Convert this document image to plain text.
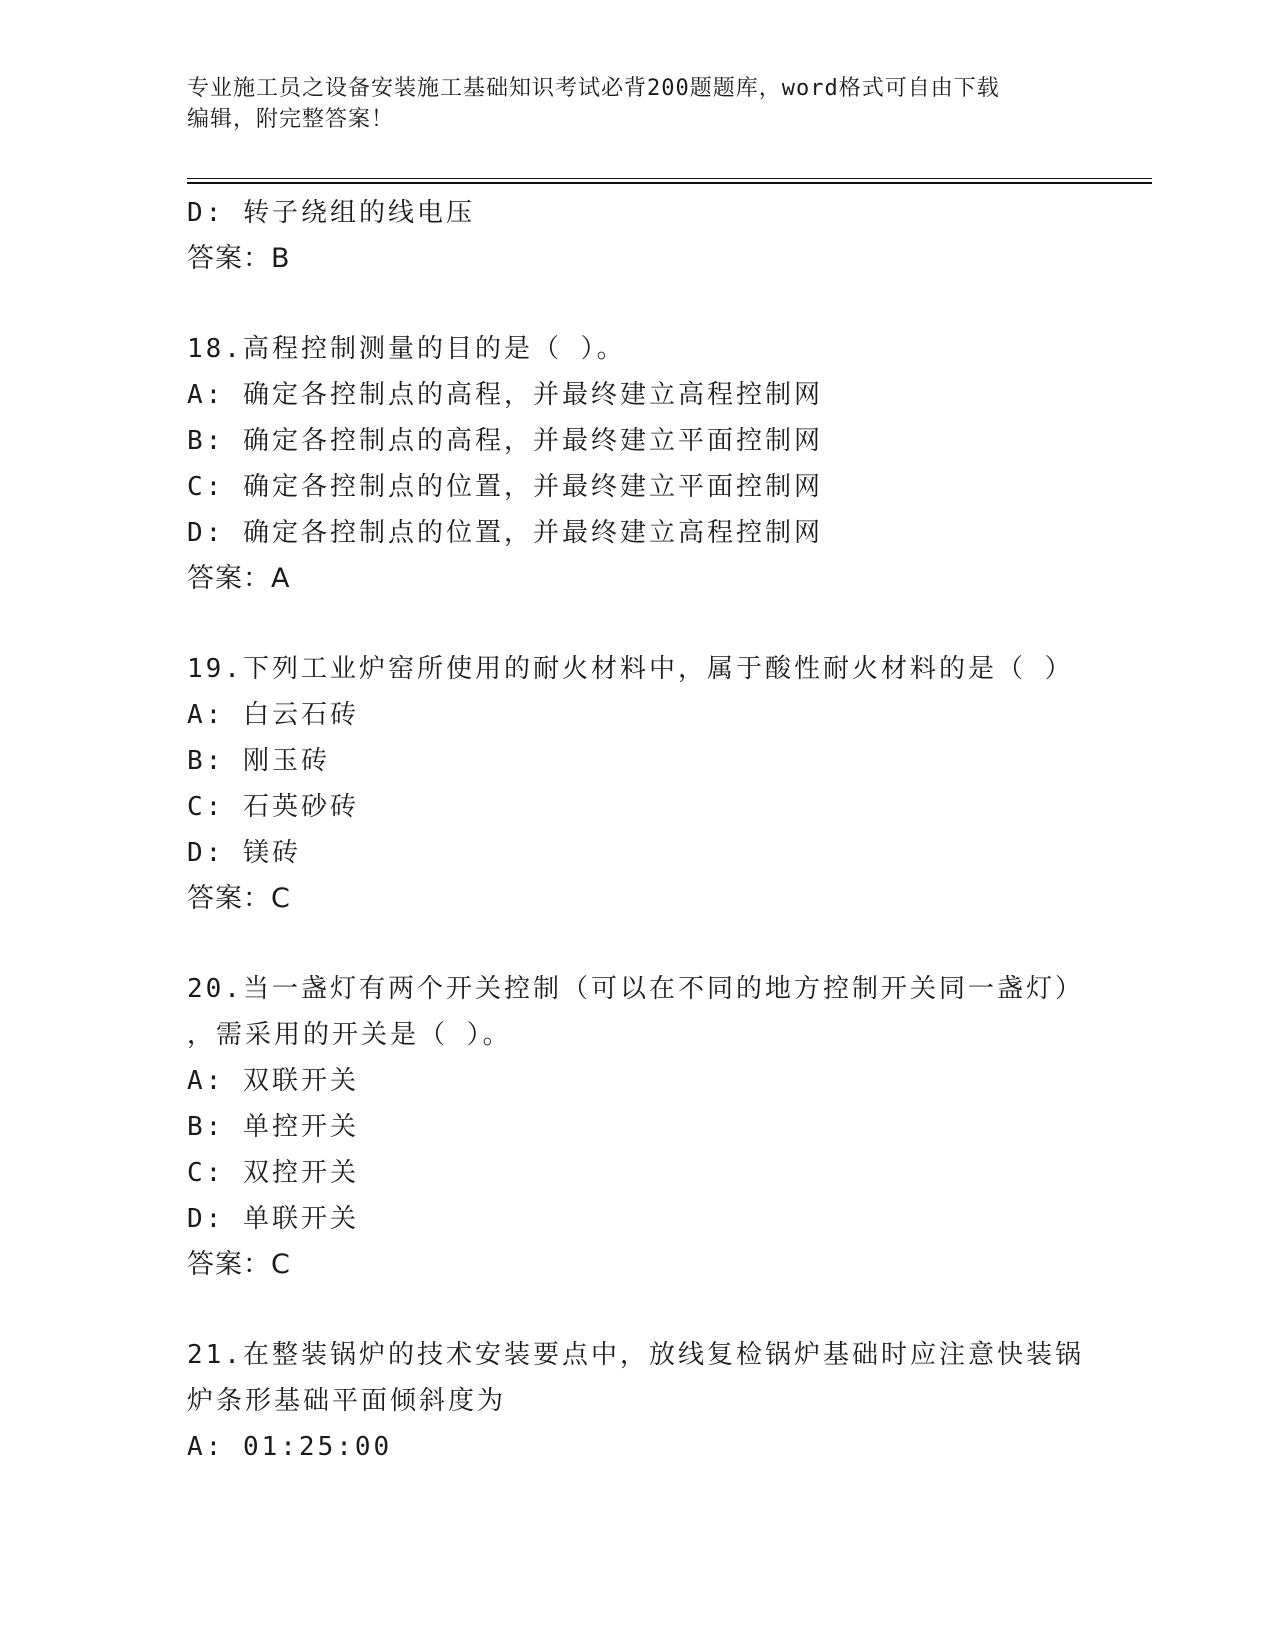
专业施工员之设备安装施工基础知识考试必背200题题库，word格式可自由下载
编辑，附完整答案！
D: 转子绕组的线电压
答案：B
18.高程控制测量的目的是（ ）。
A: 确定各控制点的高程，并最终建立高程控制网
B: 确定各控制点的高程，并最终建立平面控制网
C: 确定各控制点的位置，并最终建立平面控制网
D: 确定各控制点的位置，并最终建立高程控制网
答案：A
19.下列工业炉窑所使用的耐火材料中，属于酸性耐火材料的是（ ）
A: 白云石砖
B: 刚玉砖
C: 石英砂砖
D: 镁砖
答案：C
20.当一盏灯有两个开关控制（可以在不同的地方控制开关同一盏灯）
，需采用的开关是（ ）。
A: 双联开关
B: 单控开关
C: 双控开关
D: 单联开关
答案：C
21.在整装锅炉的技术安装要点中，放线复检锅炉基础时应注意快装锅
炉条形基础平面倾斜度为
A: 01:25:00
